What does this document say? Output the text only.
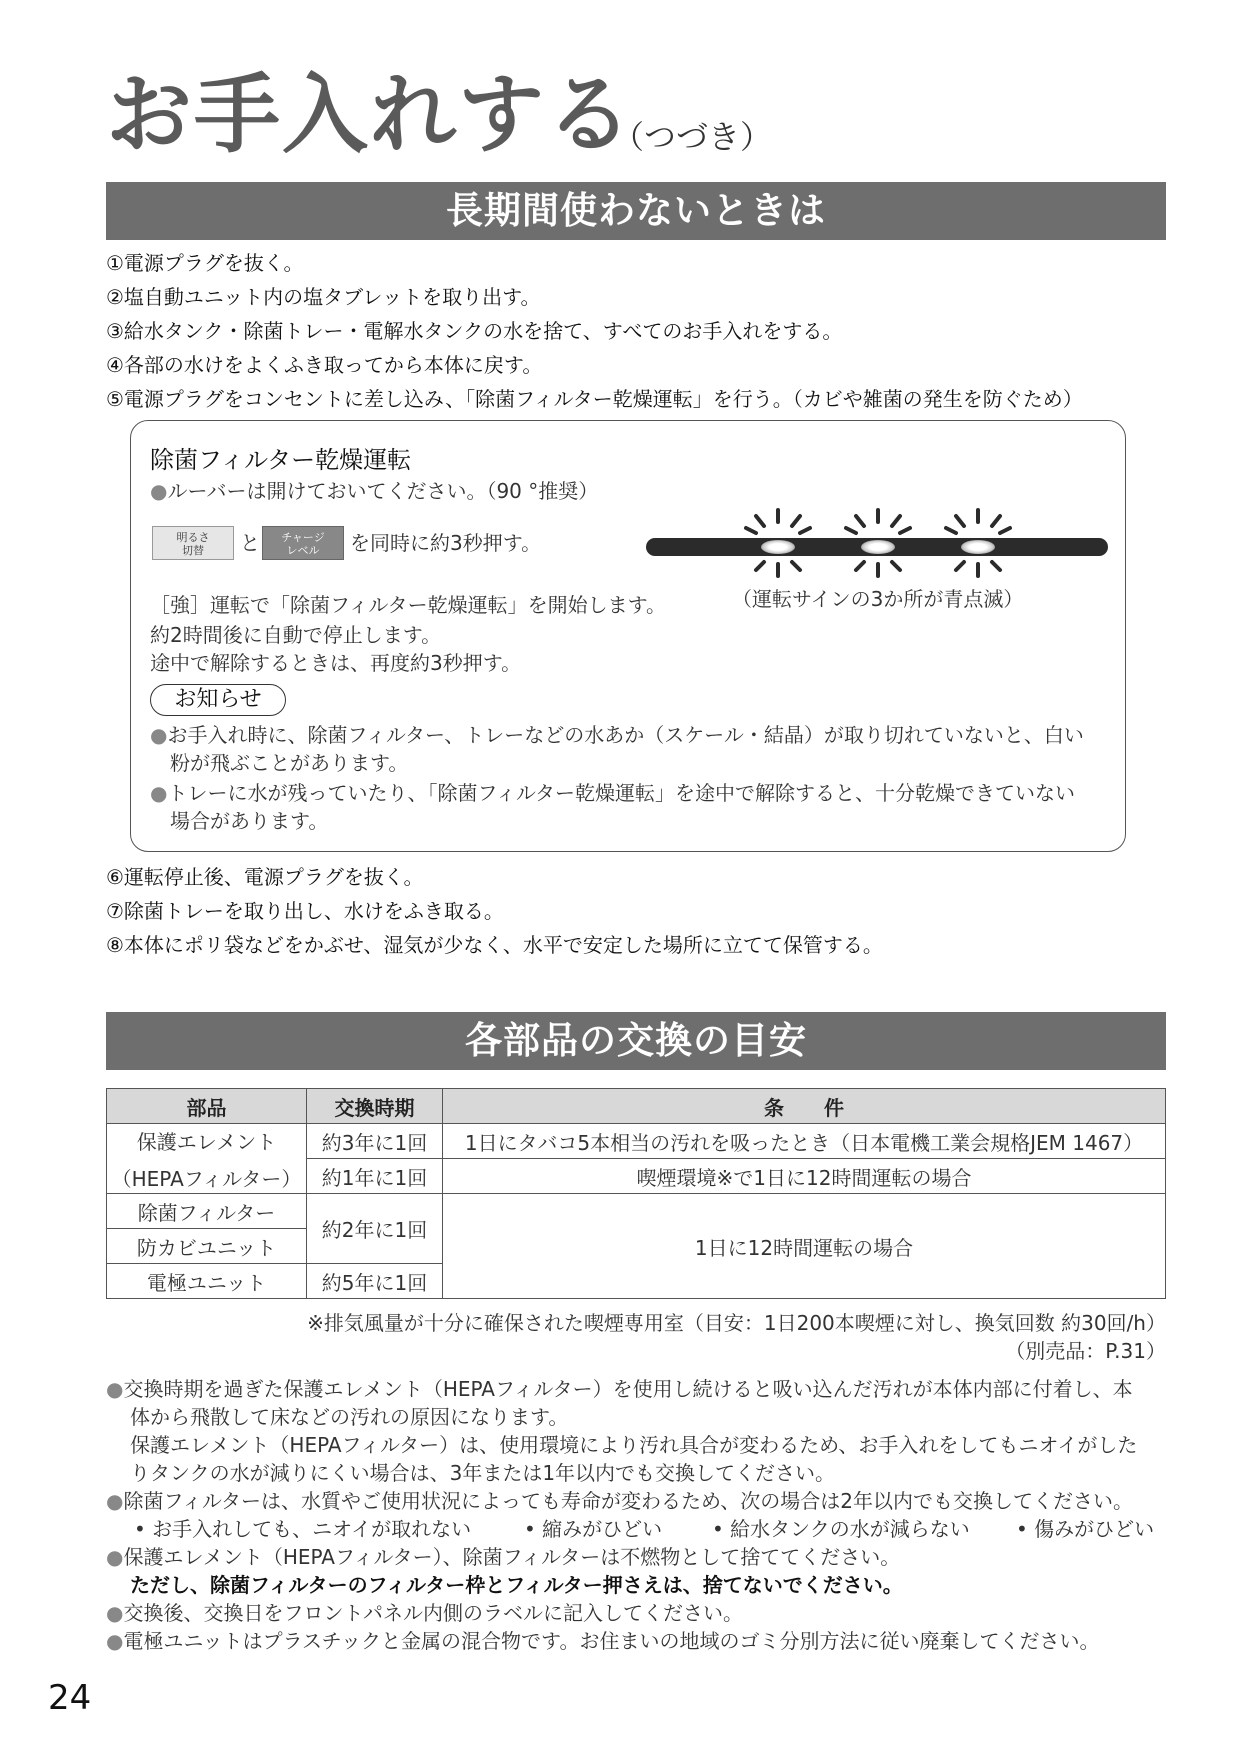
お手入れする
（つづき）
長期間使わないときは
①電源プラグを抜く。
②塩自動ユニット内の塩タブレットを取り出す。
③給水タンク・除菌トレー・電解水タンクの水を捨て、すべてのお手入れをする。
④各部の水けをよくふき取ってから本体に戻す。
⑤電源プラグをコンセントに差し込み、「除菌フィルター乾燥運転」を行う。（カビや雑菌の発生を防ぐため）
除菌フィルター乾燥運転
●ルーバーは開けておいてください。（90 °推奨）
明るさ
切替	と	チャージ
レベル	を同時に約3秒押す。
（運転サインの3か所が青点滅）
［強］運転で「除菌フィルター乾燥運転」を開始します。
約2時間後に自動で停止します。
途中で解除するときは、再度約3秒押す。
お知らせ
●お手入れ時に、除菌フィルター、トレーなどの水あか（スケール・結晶）が取り切れていないと、白い
粉が飛ぶことがあります。
●トレーに水が残っていたり、「除菌フィルター乾燥運転」を途中で解除すると、十分乾燥できていない
場合があります。
⑥運転停止後、電源プラグを抜く。
⑦除菌トレーを取り出し、水けをふき取る。
⑧本体にポリ袋などをかぶせ、湿気が少なく、水平で安定した場所に立てて保管する。
各部品の交換の目安
部品	交換時期	条　　件

保護エレメント
（HEPAフィルター）	約3年に1回	1日にタバコ5本相当の汚れを吸ったとき（日本電機工業会規格JEM 1467）
	約1年に1回	喫煙環境※で1日に12時間運転の場合
除菌フィルター	約2年に1回	1日に12時間運転の場合
防カビユニット		
電極ユニット	約5年に1回	
※排気風量が十分に確保された喫煙専用室（目安：1日200本喫煙に対し、換気回数 約30回/h）
（別売品：P.31）
●交換時期を過ぎた保護エレメント（HEPAフィルター）を使用し続けると吸い込んだ汚れが本体内部に付着し、本
体から飛散して床などの汚れの原因になります。
保護エレメント（HEPAフィルター）は、使用環境により汚れ具合が変わるため、お手入れをしてもニオイがした
りタンクの水が減りにくい場合は、3年または1年以内でも交換してください。
●除菌フィルターは、水質やご使用状況によっても寿命が変わるため、次の場合は2年以内でも交換してください。
• お手入れしても、ニオイが取れない	• 縮みがひどい • 給水タンクの水が減らない • 傷みがひどい
●保護エレメント（HEPAフィルター）、除菌フィルターは不燃物として捨ててください。
ただし、除菌フィルターのフィルター枠とフィルター押さえは、捨てないでください。
●交換後、交換日をフロントパネル内側のラベルに記入してください。
●電極ユニットはプラスチックと金属の混合物です。お住まいの地域のゴミ分別方法に従い廃棄してください。
24
